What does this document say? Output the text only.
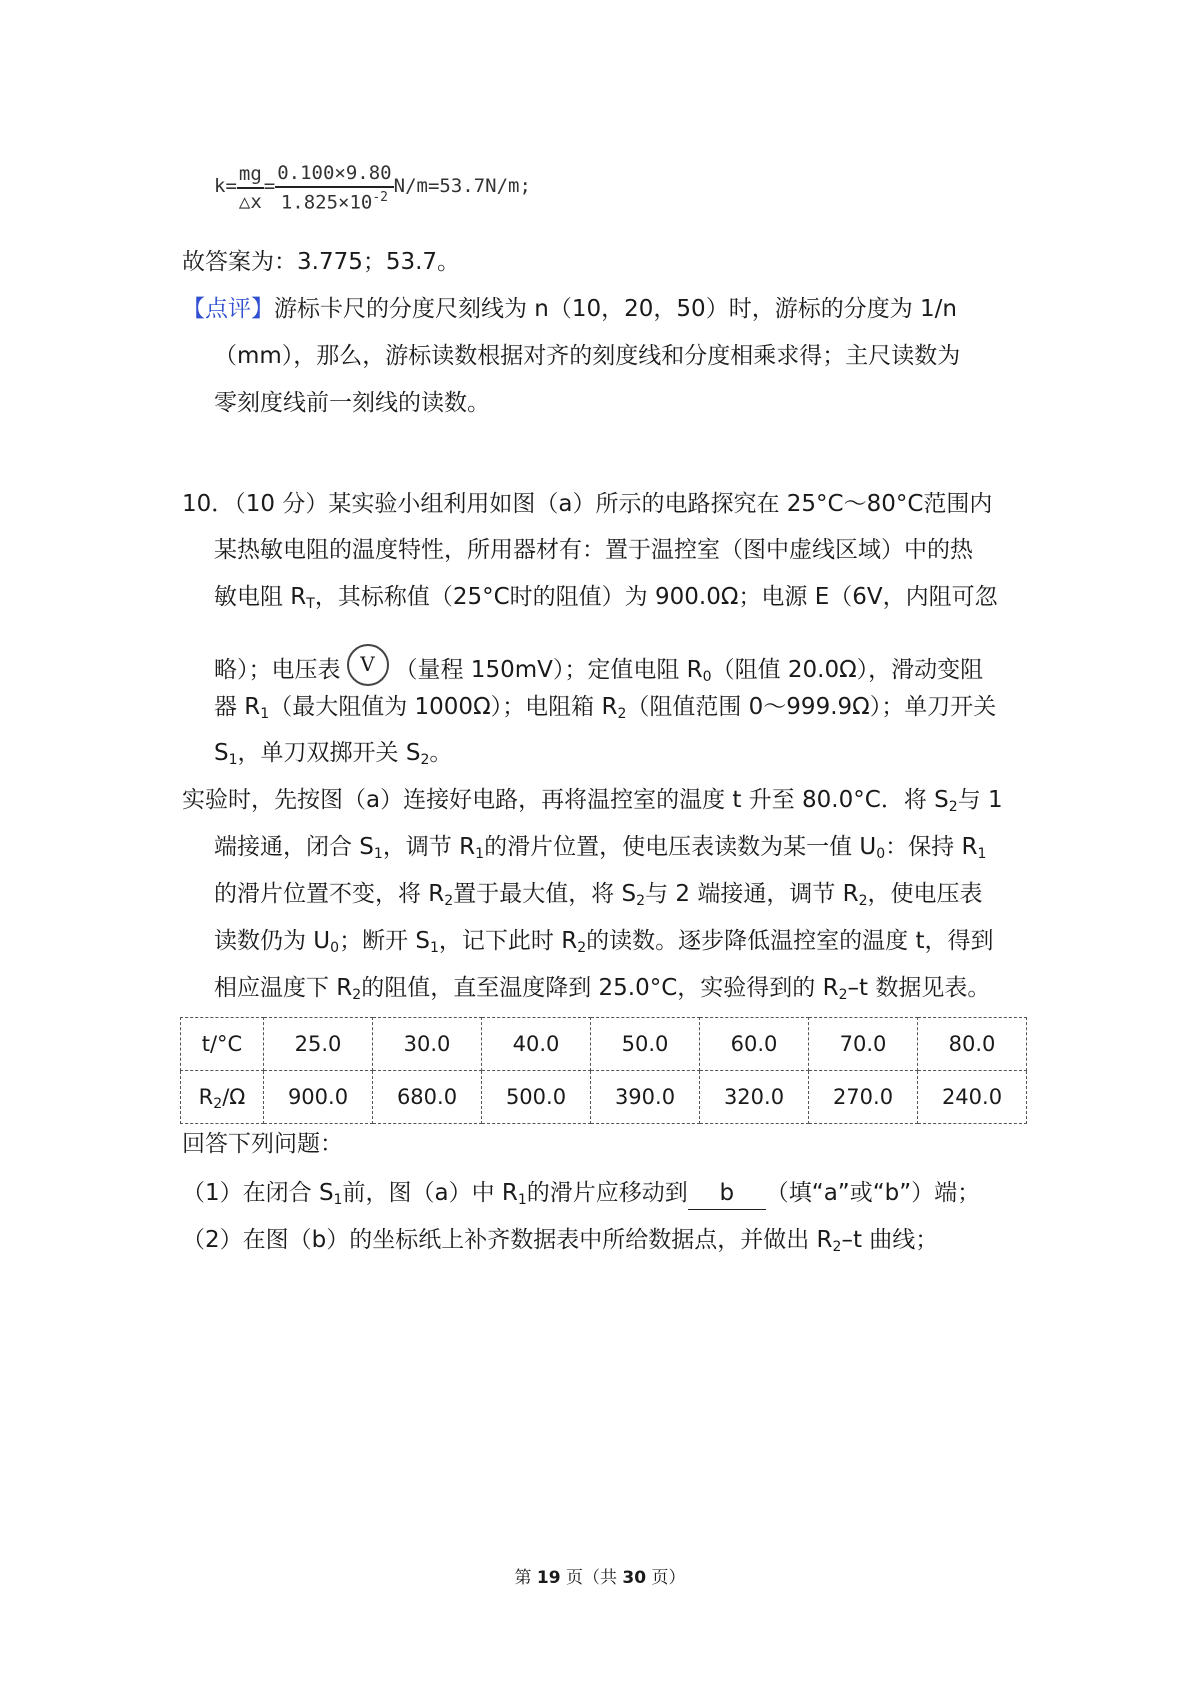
$k= \frac{mg}{\triangle x} = \frac{0.100\times 9.80}{1.825\times 10^{-2}} N/m=53.7N/m$;
故答案为：3.775；53.7。
【点评】游标卡尺的分度尺刻线为 n（10，20，50）时，游标的分度为 1/n
（mm），那么，游标读数根据对齐的刻度线和分度相乘求得；主尺读数为
零刻度线前一刻线的读数。
10．（10 分）某实验小组利用如图（a）所示的电路探究在 25°C～80°C范围内
某热敏电阻的温度特性，所用器材有：置于温控室（图中虚线区域）中的热
敏电阻 $R_T$，其标称值（25°C时的阻值）为 900.0Ω；电源 E（6V，内阻可忽
略）；电压表 V （量程 150mV）；定值电阻 $R_0$（阻值 20.0Ω），滑动变阻
器 $R_1$（最大阻值为 1000Ω）；电阻箱 $R_2$（阻值范围 0～999.9Ω）；单刀开关
$S_1$，单刀双掷开关 $S_2$。
实验时，先按图（a）连接好电路，再将温控室的温度 t 升至 80.0°C．将 $S_2$与 1
端接通，闭合 $S_1$，调节 $R_1$的滑片位置，使电压表读数为某一值 $U_0$：保持 $R_1$
的滑片位置不变，将 $R_2$置于最大值，将 $S_2$与 2 端接通，调节 $R_2$，使电压表
读数仍为 $U_0$；断开 $S_1$，记下此时 $R_2$的读数。逐步降低温控室的温度 t，得到
相应温度下 $R_2$的阻值，直至温度降到 25.0°C，实验得到的 $R_2-t$ 数据见表。
t/°C	25.0	30.0	40.0	50.0	60.0	70.0	80.0
$R_2/\Omega$	900.0	680.0	500.0	390.0	320.0	270.0	240.0
回答下列问题：
（1）在闭合 $S_1$前，图（a）中 $R_1$的滑片应移动到 b （填“a”或“b”）端；
（2）在图（b）的坐标纸上补齐数据表中所给数据点，并做出 $R_2-t$ 曲线；
第 19 页（共 30 页）
